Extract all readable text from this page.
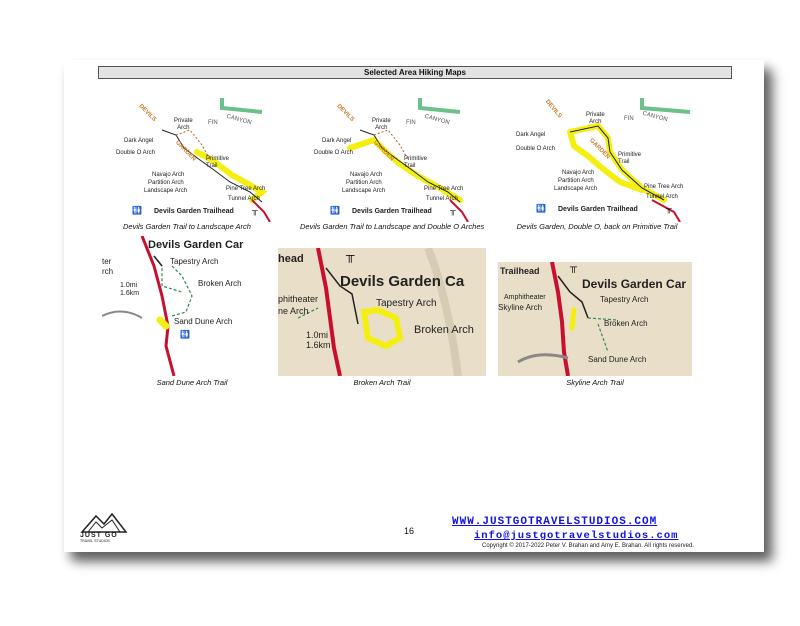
Selected Area Hiking Maps
DEVILS
GARDEN
FIN CANYON
Private
Arch
Dark Angel
Double O Arch
Primitive
Trail
Navajo Arch
Partition Arch
Landscape Arch	Pine Tree Arch
Tunnel Arch
🚻 Devils Garden Trailhead ╥
Devils Garden Trail to Landscape Arch
DEVILS
GARDEN
FIN CANYON
Private
Arch
Dark Angel
Double O Arch
Primitive
Trail
Navajo Arch
Partition Arch
Landscape Arch	Pine Tree Arch
Tunnel Arch
🚻 Devils Garden Trailhead ╥
Devils Garden Trail to Landscape and Double O Arches
DEVILS
GARDEN
FIN CANYON
Private
Arch
Dark Angel
Double O Arch
Primitive
Trail
Navajo Arch
Partition Arch
Landscape Arch	Pine Tree Arch
Tunnel Arch
🚻 Devils Garden Trailhead	╥
Devils Garden, Double O, back on Primitive Trail
Devils Garden Car
ter
rch
Tapestry Arch
Broken Arch
1.0mi
1.6km
Sand Dune Arch
🚻
Sand Dune Arch Trail
head
Devils Garden Ca
phitheater
ne Arch
Tapestry Arch
Broken Arch
1.0mi
1.6km
╥
Broken Arch Trail
Trailhead
Devils Garden Car
Amphitheater
Skyline Arch
Tapestry Arch
Broken Arch
Sand Dune Arch
╥
Skyline Arch Trail
JUST GO
TRAVEL STUDIOS
16
WWW.JUSTGOTRAVELSTUDIOS.COM
info@justgotravelstudios.com
Copyright © 2017-2022 Peter V. Brahan and Amy E. Brahan. All rights reserved.
